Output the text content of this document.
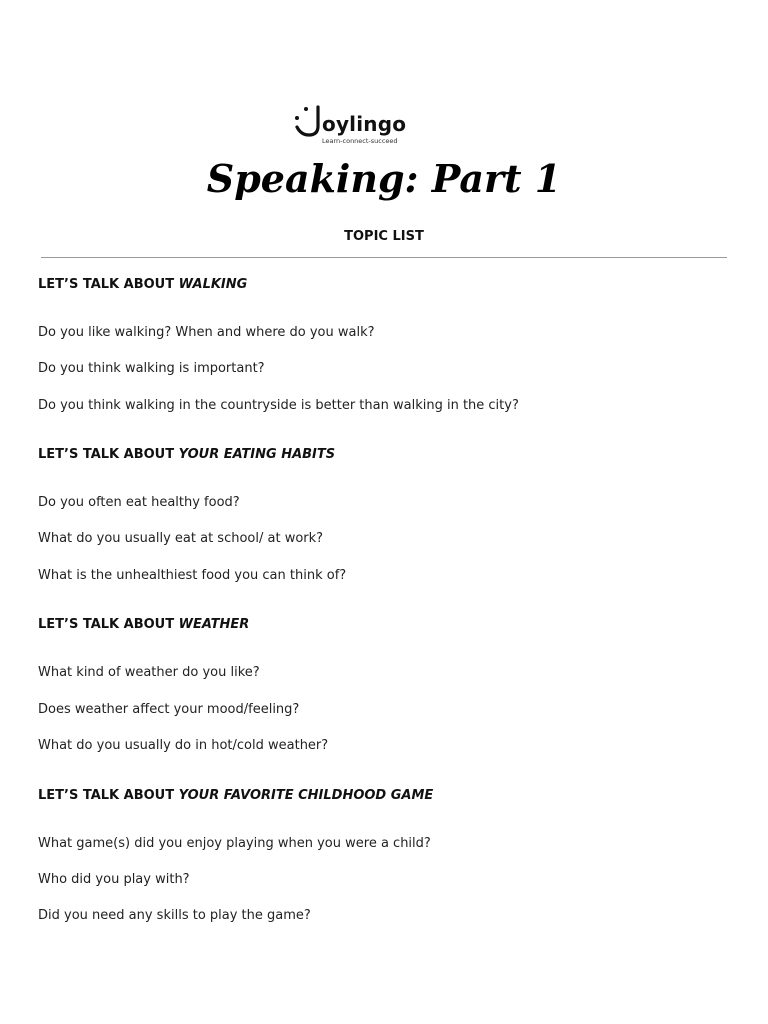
oylingo
Learn-connect-succeed
Speaking: Part 1
TOPIC LIST
LET’S TALK ABOUT WALKING
Do you like walking? When and where do you walk?
Do you think walking is important?
Do you think walking in the countryside is better than walking in the city?
LET’S TALK ABOUT YOUR EATING HABITS
Do you often eat healthy food?
What do you usually eat at school/ at work?
What is the unhealthiest food you can think of?
LET’S TALK ABOUT WEATHER
What kind of weather do you like?
Does weather affect your mood/feeling?
What do you usually do in hot/cold weather?
LET’S TALK ABOUT YOUR FAVORITE CHILDHOOD GAME
What game(s) did you enjoy playing when you were a child?
Who did you play with?
Did you need any skills to play the game?
